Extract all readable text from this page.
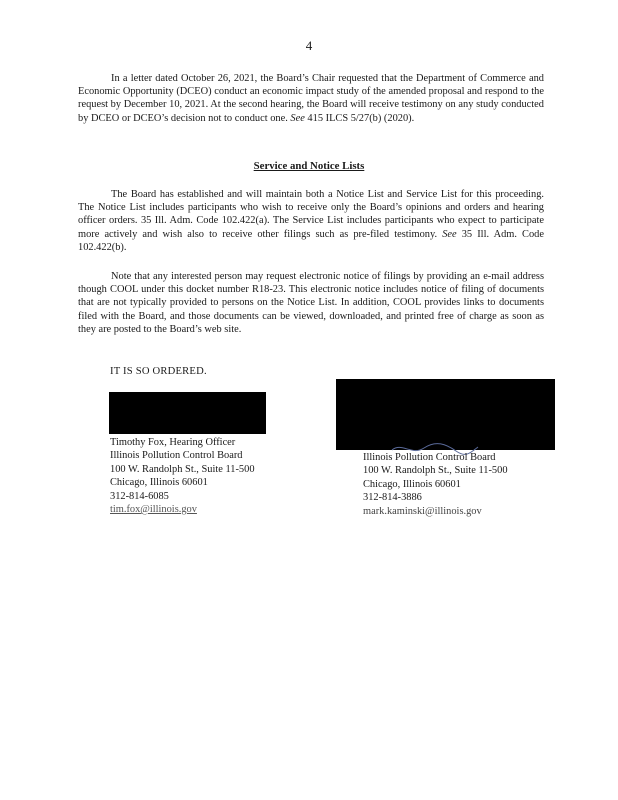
4

In a letter dated October 26, 2021, the Board’s Chair requested that the Department of Commerce and Economic Opportunity (DCEO) conduct an economic impact study of the amended proposal and respond to the request by December 10, 2021. At the second hearing, the Board will receive testimony on any study conducted by DCEO or DCEO’s decision not to conduct one. See 415 ILCS 5/27(b) (2020).

Service and Notice Lists

The Board has established and will maintain both a Notice List and Service List for this proceeding. The Notice List includes participants who wish to receive only the Board’s opinions and orders and hearing officer orders. 35 Ill. Adm. Code 102.422(a). The Service List includes participants who expect to participate more actively and wish also to receive other filings such as pre-filed testimony. See 35 Ill. Adm. Code 102.422(b).

Note that any interested person may request electronic notice of filings by providing an e-mail address though COOL under this docket number R18-23. This electronic notice includes notice of filing of documents that are not typically provided to persons on the Notice List. In addition, COOL provides links to documents filed with the Board, and those documents can be viewed, downloaded, and printed free of charge as soon as they are posted to the Board’s web site.

IT IS SO ORDERED.
Timothy Fox, Hearing Officer
Illinois Pollution Control Board
100 W. Randolph St., Suite 11-500
Chicago, Illinois 60601
312-814-6085
tim.fox@illinois.gov
Illinois Pollution Control Board
100 W. Randolph St., Suite 11-500
Chicago, Illinois 60601
312-814-3886
mark.kaminski@illinois.gov
